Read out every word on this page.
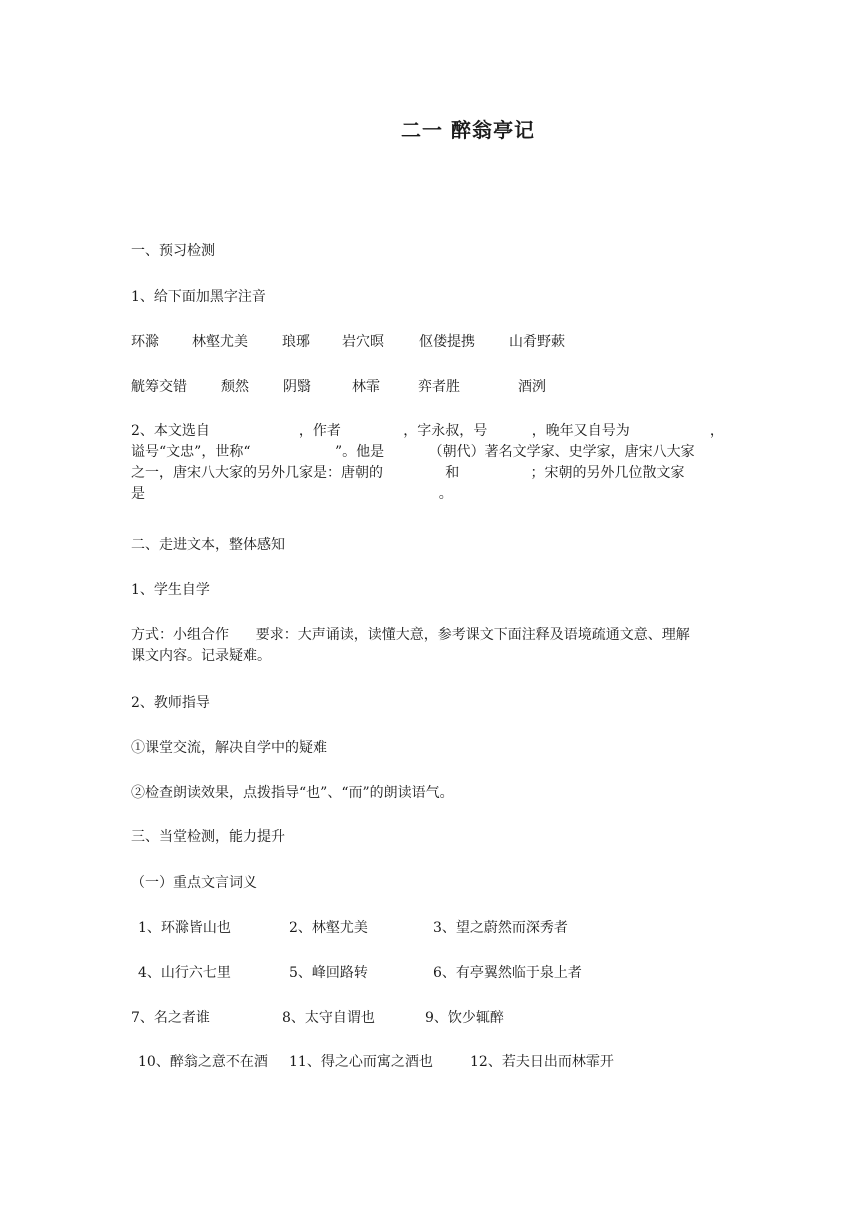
二一 醉翁亭记
一、预习检测
1、给下面加黑字注音
环滁 林壑尤美 琅琊 岩穴暝	伛偻提携 山肴野蔌
觥筹交错 颓然 阴翳	林霏	弈者胜	酒洌

2、本文选自                    ，作者              ，字永叔，号          ，晚年又自号为                  ，

谥号“文忠”，世称“                   ”。他是          （朝代）著名文学家、史学家，唐宋八大家

之一，唐宋八大家的另外几家是：唐朝的              和                ；宋朝的另外几位散文家

是                                                                  。

二、走进文本，整体感知
1、学生自学

方式：小组合作      要求：大声诵读，读懂大意，参考课文下面注释及语境疏通文意、理解

课文内容。记录疑难。

2、教师指导
①课堂交流，解决自学中的疑难
②检查朗读效果，点拨指导“也”、“而”的朗读语气。
三、当堂检测，能力提升
（一）重点文言词义
1、环滁皆山也	2、林壑尤美	3、望之蔚然而深秀者
4、山行六七里	5、峰回路转	6、有亭翼然临于泉上者
7、名之者谁	8、太守自谓也	9、饮少辄醉
10、醉翁之意不在酒 11、得之心而寓之酒也	12、若夫日出而林霏开
